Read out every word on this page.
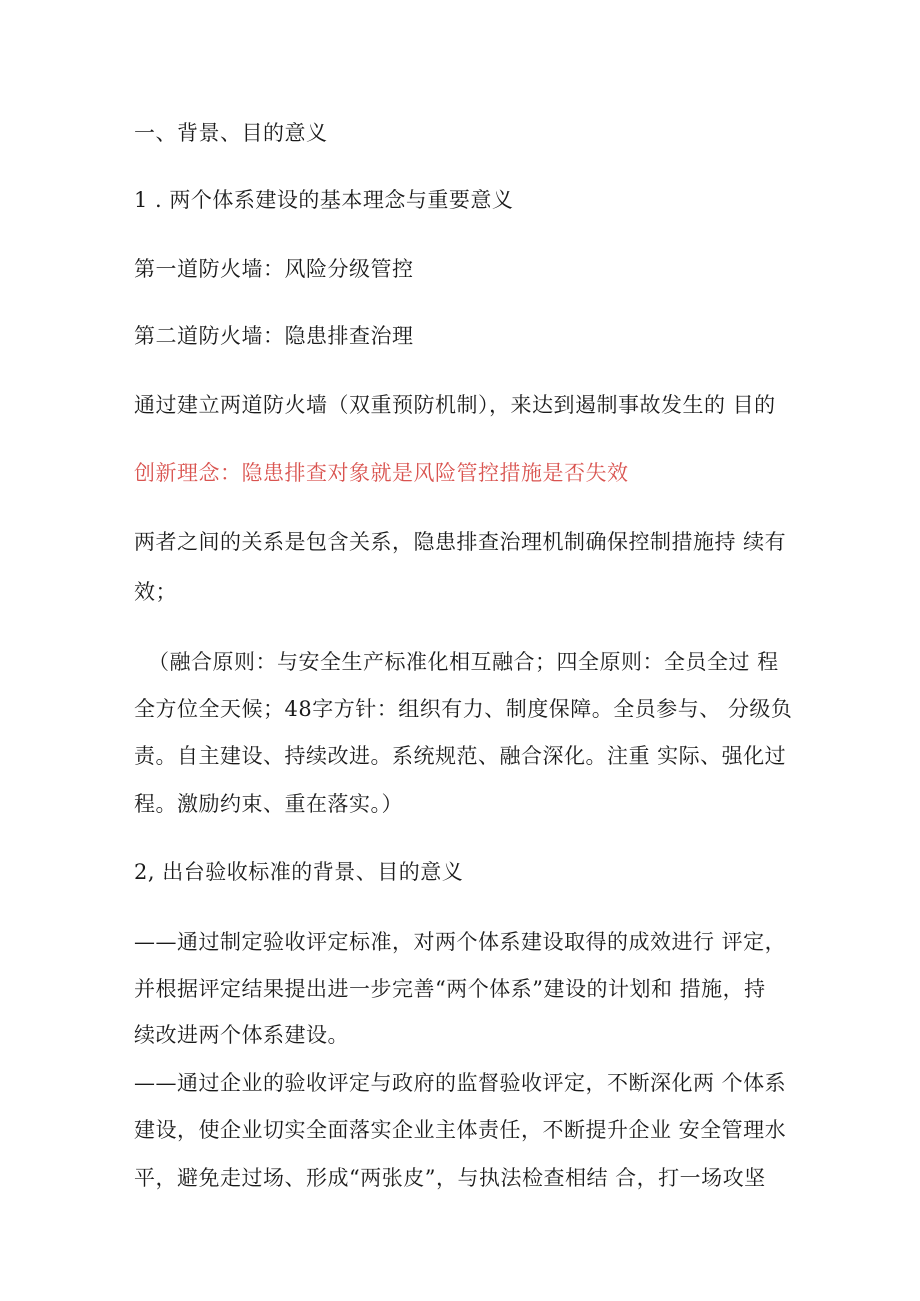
一、背景、目的意义
1 . 两个体系建设的基本理念与重要意义
第一道防火墙：风险分级管控
第二道防火墙：隐患排查治理
通过建立两道防火墙（双重预防机制），来达到遏制事故发生的 目的
创新理念：隐患排查对象就是风险管控措施是否失效
两者之间的关系是包含关系，隐患排查治理机制确保控制措施持 续有
效；
（融合原则：与安全生产标准化相互融合；四全原则：全员全过 程
全方位全天候；48字方针：组织有力、制度保障。全员参与、 分级负
责。自主建设、持续改进。系统规范、融合深化。注重 实际、强化过
程。激励约束、重在落实。）
2, 出台验收标准的背景、目的意义
——通过制定验收评定标准，对两个体系建设取得的成效进行 评定，
并根据评定结果提出进一步完善“两个体系”建设的计划和 措施，持
续改进两个体系建设。
——通过企业的验收评定与政府的监督验收评定，不断深化两 个体系
建设，使企业切实全面落实企业主体责任，不断提升企业 安全管理水
平，避免走过场、形成“两张皮”，与执法检查相结 合，打一场攻坚
